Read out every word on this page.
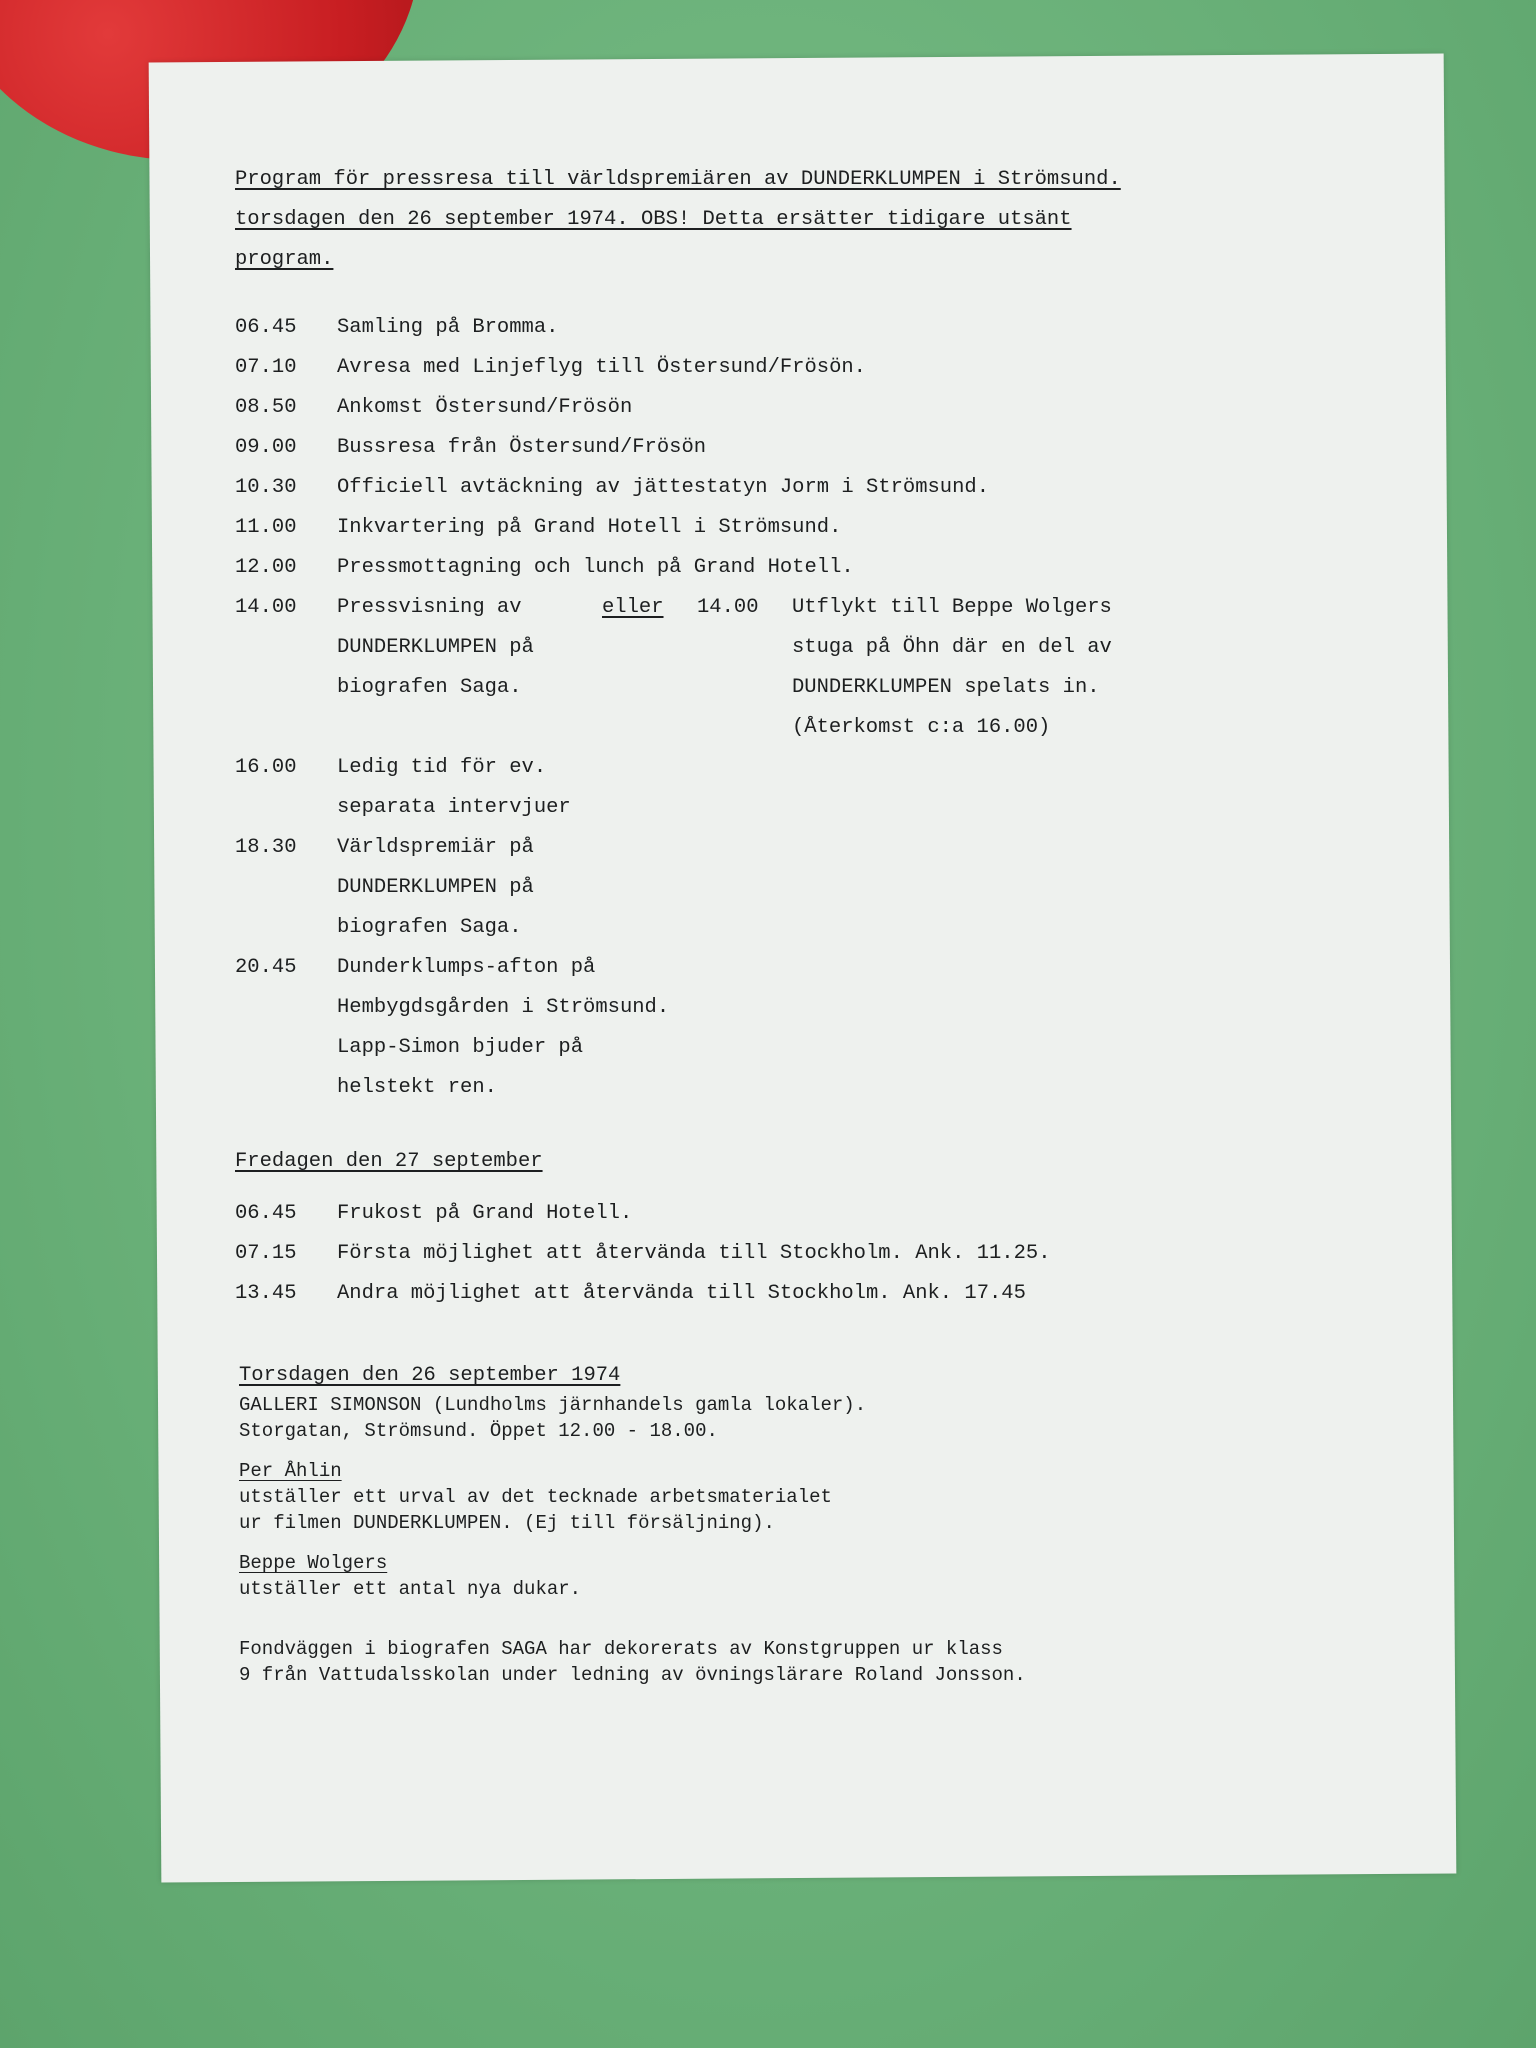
Program för pressresa till världspremiären av DUNDERKLUMPEN i Strömsund.
torsdagen den 26 september 1974. OBS! Detta ersätter tidigare utsänt
program.
06.45	Samling på Bromma.
07.10	Avresa med Linjeflyg till Östersund/Frösön.
08.50	Ankomst Östersund/Frösön
09.00	Bussresa från Östersund/Frösön
10.30	Officiell avtäckning av jättestatyn Jorm i Strömsund.
11.00	Inkvartering på Grand Hotell i Strömsund.
12.00	Pressmottagning och lunch på Grand Hotell.
14.00	Pressvisning av
DUNDERKLUMPEN på
biografen Saga.
eller	14.00 Utflykt till Beppe Wolgers
stuga på Öhn där en del av
DUNDERKLUMPEN spelats in.
(Återkomst c:a 16.00)
16.00	Ledig tid för ev.
separata intervjuer
18.30	Världspremiär på
DUNDERKLUMPEN på
biografen Saga.
20.45	Dunderklumps-afton på
Hembygdsgården i Strömsund.
Lapp-Simon bjuder på
helstekt ren.
Fredagen den 27 september
06.45	Frukost på Grand Hotell.
07.15	Första möjlighet att återvända till Stockholm. Ank. 11.25.
13.45	Andra möjlighet att återvända till Stockholm. Ank. 17.45
Torsdagen den 26 september 1974
GALLERI SIMONSON (Lundholms järnhandels gamla lokaler).
Storgatan, Strömsund. Öppet 12.00 - 18.00.
Per Åhlin
utställer ett urval av det tecknade arbetsmaterialet
ur filmen DUNDERKLUMPEN. (Ej till försäljning).
Beppe Wolgers
utställer ett antal nya dukar.
Fondväggen i biografen SAGA har dekorerats av Konstgruppen ur klass
9 från Vattudalsskolan under ledning av övningslärare Roland Jonsson.
